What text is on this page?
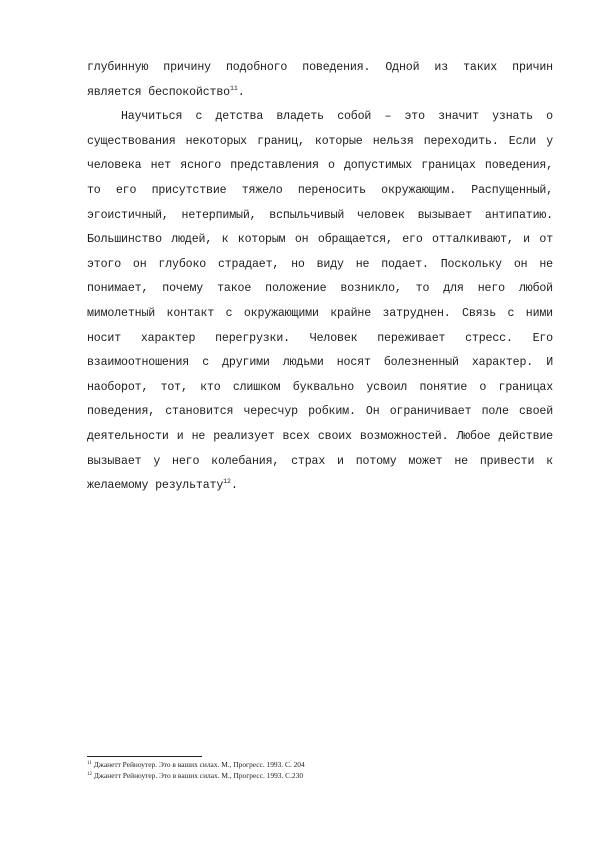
глубинную причину подобного поведения. Одной из таких причин является беспокойство$^{11}$.

Научиться с детства владеть собой – это значит узнать о существования некоторых границ, которые нельзя переходить. Если у человека нет ясного представления о допустимых границах поведения, то его присутствие тяжело переносить окружающим. Распущенный, эгоистичный, нетерпимый, вспыльчивый человек вызывает антипатию. Большинство людей, к которым он обращается, его отталкивают, и от этого он глубоко страдает, но виду не подает. Поскольку он не понимает, почему такое положение возникло, то для него любой мимолетный контакт с окружающими крайне затруднен. Связь с ними носит характер перегрузки. Человек переживает стресс. Его взаимоотношения с другими людьми носят болезненный характер. И наоборот, тот, кто слишком буквально усвоил понятие о границах поведения, становится чересчур робким. Он ограничивает поле своей деятельности и не реализует всех своих возможностей. Любое действие вызывает у него колебания, страх и потому может не привести к желаемому результату$^{12}$.

$^{11}$ Джанетт Рейноутер. Это в ваших силах. М., Прогресс. 1993. С. 204

$^{12}$ Джанетт Рейноутер. Это в ваших силах. М., Прогресс. 1993. С.230
